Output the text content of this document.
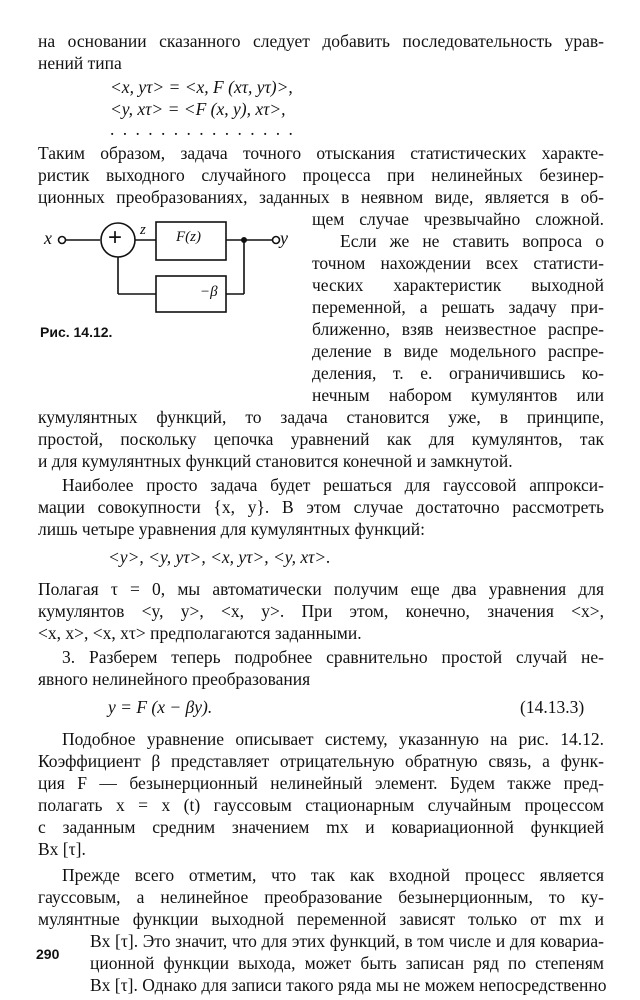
на основании сказанного следует добавить последовательность урав-
нений типа
<x, yτ> = <x, F (xτ, yτ)>,
<y, xτ> = <F (x, y), xτ>,
. . . . . . . . . . . . . . .
Таким образом, задача точного отыскания статистических характе-
ристик выходного случайного процесса при нелинейных безинер-
ционных преобразованиях, заданных в неявном виде, является в об-
щем случае чрезвычайно сложной.
Если же не ставить вопроса о
точном нахождении всех статисти-
ческих характеристик выходной
переменной, а решать задачу при-
ближенно, взяв неизвестное распре-
деление в виде модельного распре-
деления, т. е. ограничившись ко-
нечным набором кумулянтов или
x + z F(z)	y
−β
Рис. 14.12.
кумулянтных функций, то задача становится уже, в принципе,
простой, поскольку цепочка уравнений как для кумулянтов, так
и для кумулянтных функций становится конечной и замкнутой.
Наиболее просто задача будет решаться для гауссовой аппрокси-
мации совокупности {x, y}. В этом случае достаточно рассмотреть
лишь четыре уравнения для кумулянтных функций:
<y>, <y, yτ>, <x, yτ>, <y, xτ>.
Полагая τ = 0, мы автоматически получим еще два уравнения для
кумулянтов <y, y>, <x, y>. При этом, конечно, значения <x>,
<x, x>, <x, xτ> предполагаются заданными.
3. Разберем теперь подробнее сравнительно простой случай не-
явного нелинейного преобразования
y = F (x − βy).	(14.13.3)
Подобное уравнение описывает систему, указанную на рис. 14.12.
Коэффициент β представляет отрицательную обратную связь, а функ-
ция F — безынерционный нелинейный элемент. Будем также пред-
полагать x = x (t) гауссовым стационарным случайным процессом
с заданным средним значением mx и ковариационной функцией
Bx [τ].
Прежде всего отметим, что так как входной процесс является
гауссовым, а нелинейное преобразование безынерционным, то ку-
мулянтные функции выходной переменной зависят только от mx и
Bx [τ]. Это значит, что для этих функций, в том числе и для ковариа-
ционной функции выхода, может быть записан ряд по степеням
Bx [τ]. Однако для записи такого ряда мы не можем непосредственно
290
